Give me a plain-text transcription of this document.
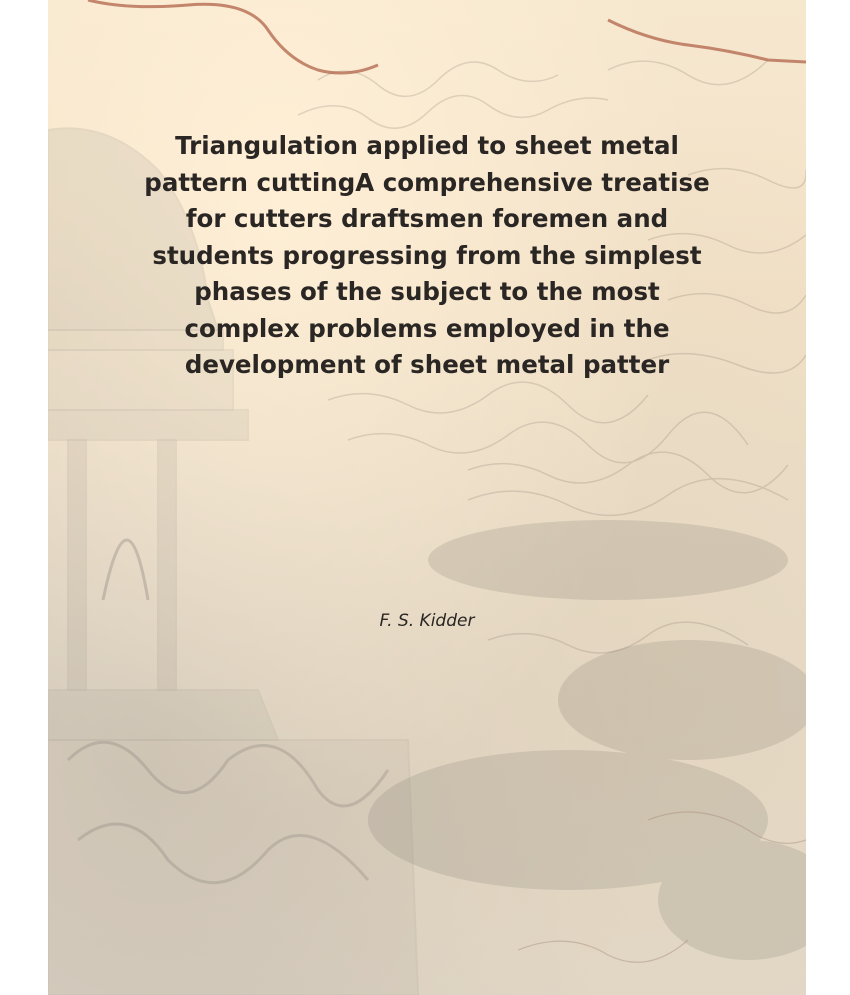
Triangulation applied to sheet metal
pattern cuttingA comprehensive treatise
for cutters draftsmen foremen and
students progressing from the simplest
phases of the subject to the most
complex problems employed in the
development of sheet metal patter

F. S. Kidder
